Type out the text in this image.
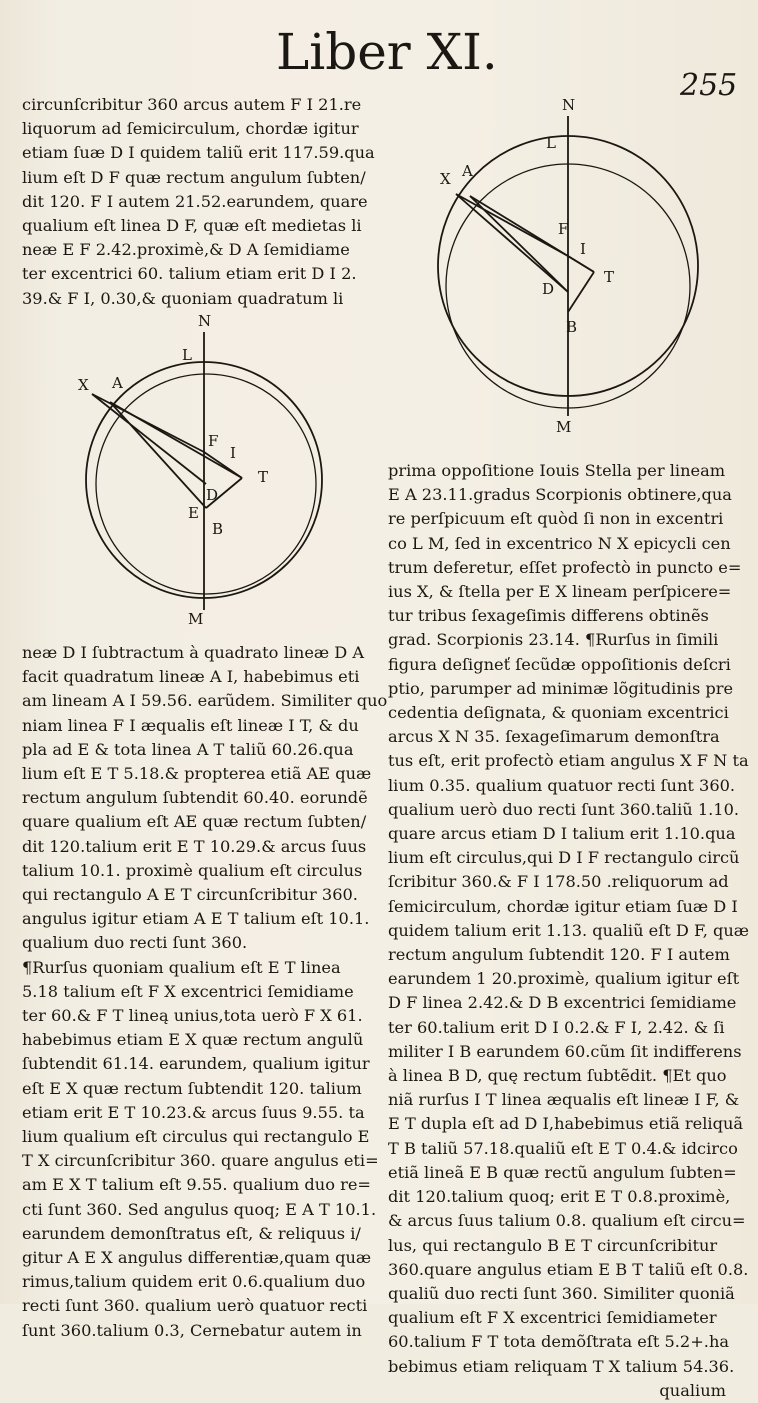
⁠ ⁠
⁠ ⁠
⁠ ⁠
⁠ ⁠
Liber XI.
255

circunſcribitur 360 arcus autem F I 21.re

liquorum ad ſemicirculum, chordæ igitur

etiam ſuæ D I quidem taliũ erit 117.59.qua

lium eſt D F quæ rectum angulum ſubten/

dit 120. F I autem 21.52.earundem, quare

qualium eſt linea D F, quæ eſt medietas li

neæ E F 2.42.proximè,& D A ſemidiame

ter excentrici 60. talium etiam erit D I 2.

39.& F I, 0.30,& quoniam quadratum li

N
L
X A
F
I
T
D
E
B
M

neæ D I ſubtractum à quadrato lineæ D A

facit quadratum lineæ A I, habebimus eti

am lineam A I 59.56. earũdem. Similiter quo

niam linea F I æqualis eſt lineæ I T, & du

pla ad E & tota linea A T taliũ 60.26.qua

lium eſt E T 5.18.& propterea etiã AE quæ

rectum angulum ſubtendit 60.40. eorundẽ

quare qualium eſt AE quæ rectum ſubten/

dit 120.talium erit E T 10.29.& arcus ſuus

talium 10.1. proximè qualium eſt circulus

qui rectangulo A E T circunſcribitur 360.

angulus igitur etiam A E T talium eſt 10.1.

qualium duo recti ſunt 360.

¶Rurſus quoniam qualium eſt E T linea

5.18 talium eſt F X excentrici ſemidiame

ter 60.& F T lineą unius,tota uerò F X 61.

habebimus etiam E X quæ rectum angulũ

ſubtendit 61.14. earundem, qualium igitur

eſt E X quæ rectum ſubtendit 120. talium

etiam erit E T 10.23.& arcus ſuus 9.55. ta

lium qualium eſt circulus qui rectangulo E

T X circunſcribitur 360. quare angulus eti=

am E X T talium eſt 9.55. qualium duo re=

cti ſunt 360. Sed angulus quoq; E A T 10.1.

earundem demonſtratus eſt, & reliquus i/

gitur A E X angulus differentiæ,quam quæ

rimus,talium quidem erit 0.6.qualium duo

recti ſunt 360. qualium uerò quatuor recti

ſunt 360.talium 0.3, Cernebatur autem in

N
L
X A
F
I
T
D
B
M

prima oppoſitione Iouis Stella per lineam

E A 23.11.gradus Scorpionis obtinere,qua

re perſpicuum eſt quòd ſi non in excentri

co L M, ſed in excentrico N X epicycli cen

trum deferetur, eſſet profectò in puncto e=

ius X, & ſtella per E X lineam perſpicere=

tur tribus ſexageſimis differens obtinẽs

grad. Scorpionis 23.14. ¶Rurſus in ſimili

figura deſigneť ſecũdæ oppoſitionis deſcri

ptio, parumper ad minimæ lõgitudinis pre

cedentia deſignata, & quoniam excentrici

arcus X N 35. ſexageſimarum demonſtra

tus eſt, erit profectò etiam angulus X F N ta

lium 0.35. qualium quatuor recti ſunt 360.

qualium uerò duo recti ſunt 360.taliũ 1.10.

quare arcus etiam D I talium erit 1.10.qua

lium eſt circulus,qui D I F rectangulo circũ

ſcribitur 360.& F I 178.50 .reliquorum ad

ſemicirculum, chordæ igitur etiam ſuæ D I

quidem talium erit 1.13. qualiũ eſt D F, quæ

rectum angulum ſubtendit 120. F I autem

earundem 1 20.proximè, qualium igitur eſt

D F linea 2.42.& D B excentrici ſemidiame

ter 60.talium erit D I 0.2.& F I, 2.42. & ſi

militer I B earundem 60.cũm ſit indifferens

à linea B D, quę rectum ſubtẽdit. ¶Et quo

niã rurſus I T linea æqualis eſt lineæ I F, &

E T dupla eſt ad D I,habebimus etiã reliquã

T B taliũ 57.18.qualiũ eſt E T 0.4.& idcirco

etiã lineã E B quæ rectũ angulum ſubten=

dit 120.talium quoq; erit E T 0.8.proximè,

& arcus ſuus talium 0.8. qualium eſt circu=

lus, qui rectangulo B E T circunſcribitur

360.quare angulus etiam E B T taliũ eſt 0.8.

qualiũ duo recti ſunt 360. Similiter quoniã

qualium eſt F X excentrici ſemidiameter

60.talium F T tota demõſtrata eſt 5.2+.ha

bebimus etiam reliquam T X talium 54.36.

qualium
